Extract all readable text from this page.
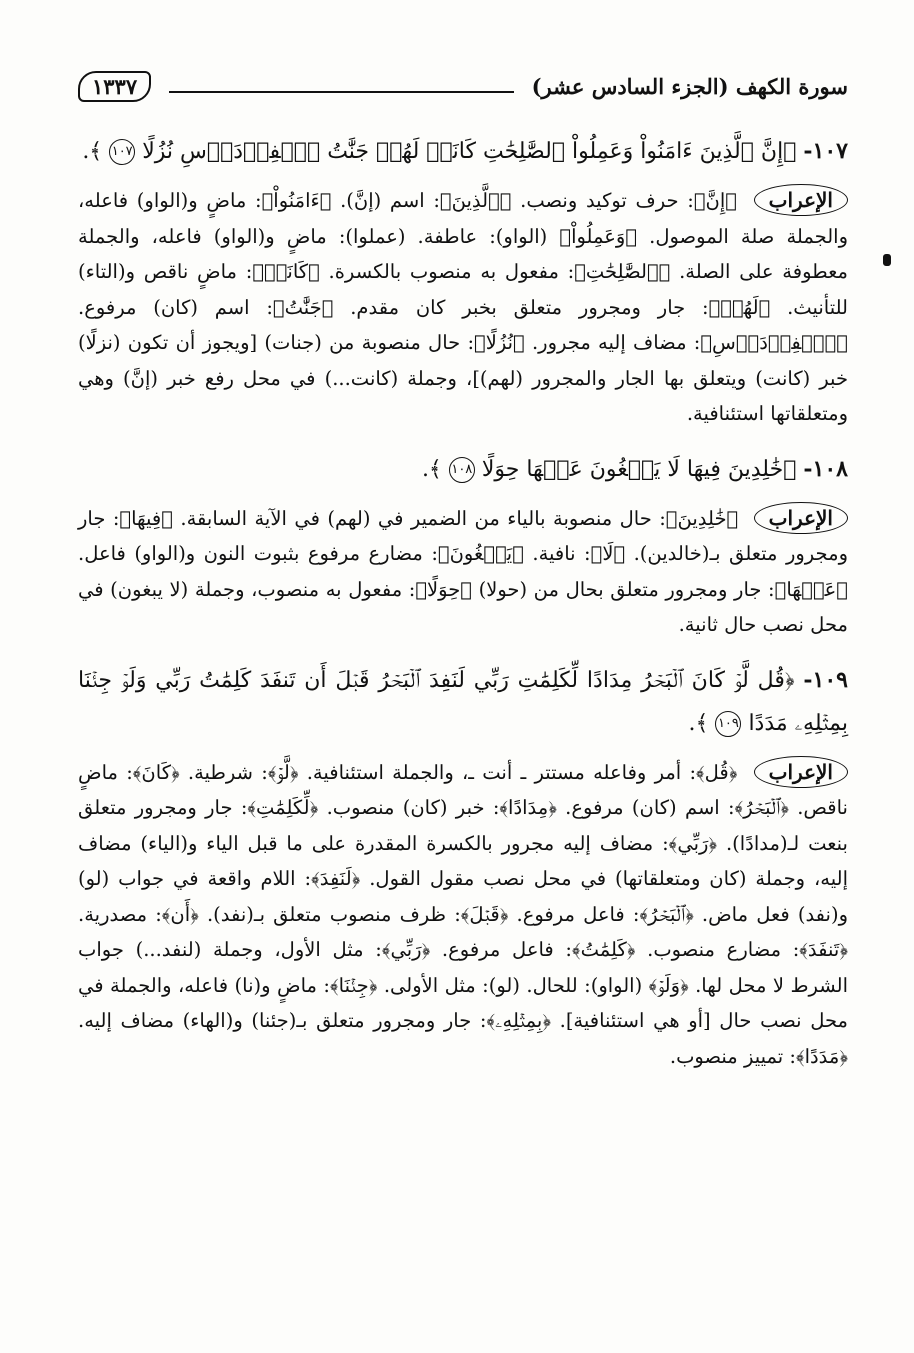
سورة الكهف (الجزء السادس عشر)
١٣٣٧
١٠٧- ﴿إِنَّ ٱلَّذِينَ ءَامَنُواْ وَعَمِلُواْ ٱلصَّٰلِحَٰتِ كَانَتۡ لَهُمۡ جَنَّٰتُ ٱلۡفِرۡدَوۡسِ نُزُلًا ١٠٧ ﴾.
الإعراب ﴿إِنَّ﴾: حرف توكيد ونصب. ﴿ٱلَّذِينَ﴾: اسم (إنَّ). ﴿ءَامَنُواْ﴾: ماضٍ و(الواو) فاعله، والجملة صلة الموصول. ﴿وَعَمِلُواْ﴾ (الواو): عاطفة. (عملوا): ماضٍ و(الواو) فاعله، والجملة معطوفة على الصلة. ﴿ٱلصَّٰلِحَٰتِ﴾: مفعول به منصوب بالكسرة. ﴿كَانَتۡ﴾: ماضٍ ناقص و(التاء) للتأنيث. ﴿لَهُمۡ﴾: جار ومجرور متعلق بخبر كان مقدم. ﴿جَنَّٰتُ﴾: اسم (كان) مرفوع. ﴿ٱلۡفِرۡدَوۡسِ﴾: مضاف إليه مجرور. ﴿نُزُلًا﴾: حال منصوبة من (جنات) [ويجوز أن تكون (نزلًا) خبر (كانت) ويتعلق بها الجار والمجرور (لهم)]، وجملة (كانت...) في محل رفع خبر (إنَّ) وهي ومتعلقاتها استئنافية.
١٠٨- ﴿خَٰلِدِينَ فِيهَا لَا يَبۡغُونَ عَنۡهَا حِوَلًا ١٠٨ ﴾.
الإعراب ﴿خَٰلِدِينَ﴾: حال منصوبة بالياء من الضمير في (لهم) في الآية السابقة. ﴿فِيهَا﴾: جار ومجرور متعلق بـ(خالدين). ﴿لَا﴾: نافية. ﴿يَبۡغُونَ﴾: مضارع مرفوع بثبوت النون و(الواو) فاعل. ﴿عَنۡهَا﴾: جار ومجرور متعلق بحال من (حولا) ﴿حِوَلًا﴾: مفعول به منصوب، وجملة (لا يبغون) في محل نصب حال ثانية.
١٠٩- ﴿قُل لَّوۡ كَانَ ٱلۡبَحۡرُ مِدَادًا لِّكَلِمَٰتِ رَبِّي لَنَفِدَ ٱلۡبَحۡرُ قَبۡلَ أَن تَنفَدَ كَلِمَٰتُ رَبِّي وَلَوۡ جِئۡنَا بِمِثۡلِهِۦ مَدَدًا ١٠٩ ﴾.
الإعراب ﴿قُل﴾: أمر وفاعله مستتر ـ أنت ـ، والجملة استئنافية. ﴿لَّوۡ﴾: شرطية. ﴿كَانَ﴾: ماضٍ ناقص. ﴿ٱلۡبَحۡرُ﴾: اسم (كان) مرفوع. ﴿مِدَادًا﴾: خبر (كان) منصوب. ﴿لِّكَلِمَٰتِ﴾: جار ومجرور متعلق بنعت لـ(مدادًا). ﴿رَبِّي﴾: مضاف إليه مجرور بالكسرة المقدرة على ما قبل الياء و(الياء) مضاف إليه، وجملة (كان ومتعلقاتها) في محل نصب مقول القول. ﴿لَنَفِدَ﴾: اللام واقعة في جواب (لو) و(نفد) فعل ماض. ﴿ٱلۡبَحۡرُ﴾: فاعل مرفوع. ﴿قَبۡلَ﴾: ظرف منصوب متعلق بـ(نفد). ﴿أَن﴾: مصدرية. ﴿تَنفَدَ﴾: مضارع منصوب. ﴿كَلِمَٰتُ﴾: فاعل مرفوع. ﴿رَبِّي﴾: مثل الأول، وجملة (لنفد...) جواب الشرط لا محل لها. ﴿وَلَوۡ﴾ (الواو): للحال. (لو): مثل الأولى. ﴿جِئۡنَا﴾: ماضٍ و(نا) فاعله، والجملة في محل نصب حال [أو هي استئنافية]. ﴿بِمِثۡلِهِۦ﴾: جار ومجرور متعلق بـ(جئنا) و(الهاء) مضاف إليه. ﴿مَدَدًا﴾: تمييز منصوب.
